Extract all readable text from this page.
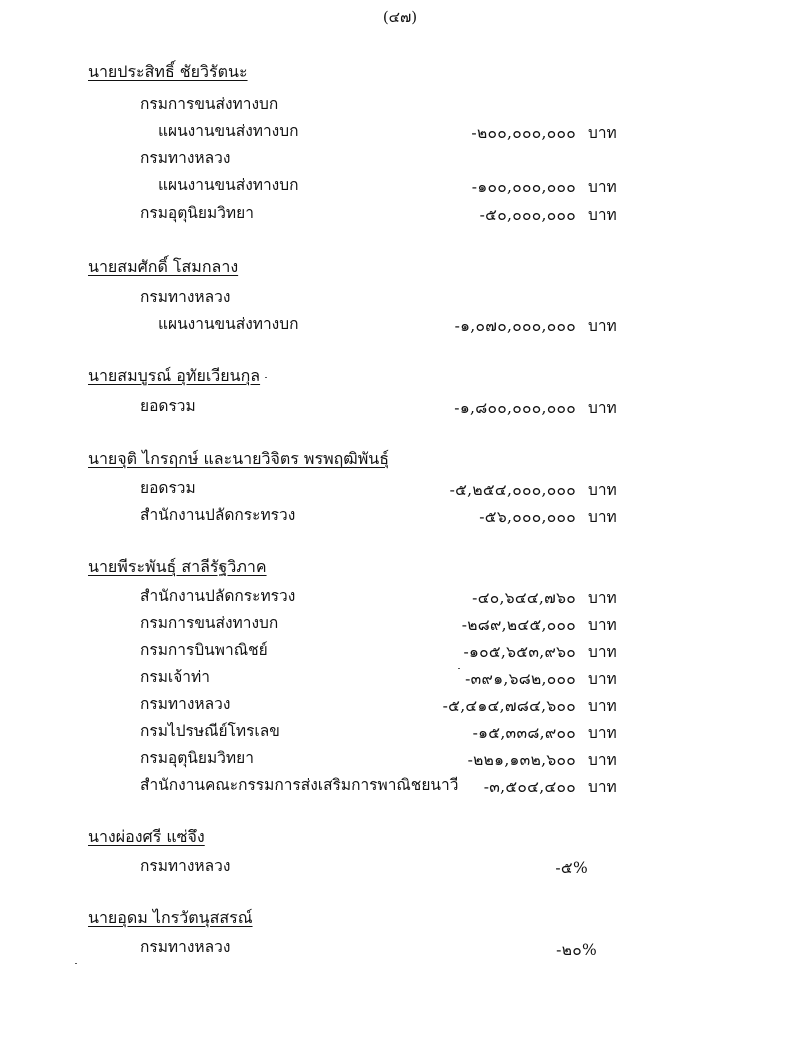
(๔๗)
นายประสิทธิ์ ชัยวิรัตนะ
กรมการขนส่งทางบก
แผนงานขนส่งทางบก	-๒๐๐,๐๐๐,๐๐๐ บาท
กรมทางหลวง
แผนงานขนส่งทางบก	-๑๐๐,๐๐๐,๐๐๐ บาท
กรมอุตุนิยมวิทยา	-๕๐,๐๐๐,๐๐๐ บาท
นายสมศักดิ์ โสมกลาง
กรมทางหลวง
แผนงานขนส่งทางบก	-๑,๐๗๐,๐๐๐,๐๐๐ บาท
นายสมบูรณ์ อุทัยเวียนกุล
ยอดรวม	-๑,๘๐๐,๐๐๐,๐๐๐ บาท
นายจุติ ไกรฤกษ์ และนายวิจิตร พรพฤฒิพันธุ์
ยอดรวม	-๕,๒๕๔,๐๐๐,๐๐๐ บาท
สำนักงานปลัดกระทรวง	-๕๖,๐๐๐,๐๐๐ บาท
นายพีระพันธุ์ สาลีรัฐวิภาค
สำนักงานปลัดกระทรวง	-๔๐,๖๔๔,๗๖๐ บาท
กรมการขนส่งทางบก	-๒๘๙,๒๔๕,๐๐๐ บาท
กรมการบินพาณิชย์	-๑๐๕,๖๕๓,๙๖๐ บาท
กรมเจ้าท่า	-๓๙๑,๖๘๒,๐๐๐ บาท
กรมทางหลวง	-๕,๔๑๔,๗๘๔,๖๐๐ บาท
กรมไปรษณีย์โทรเลข	-๑๕,๓๓๘,๙๐๐ บาท
กรมอุตุนิยมวิทยา	-๒๒๑,๑๓๒,๖๐๐ บาท
สำนักงานคณะกรรมการส่งเสริมการพาณิชยนาวี -๓,๕๐๔,๔๐๐ บาท
นางผ่องศรี แซ่จึง
กรมทางหลวง	-๕%
นายอุดม ไกรวัตนุสสรณ์
กรมทางหลวง	-๒๐%
